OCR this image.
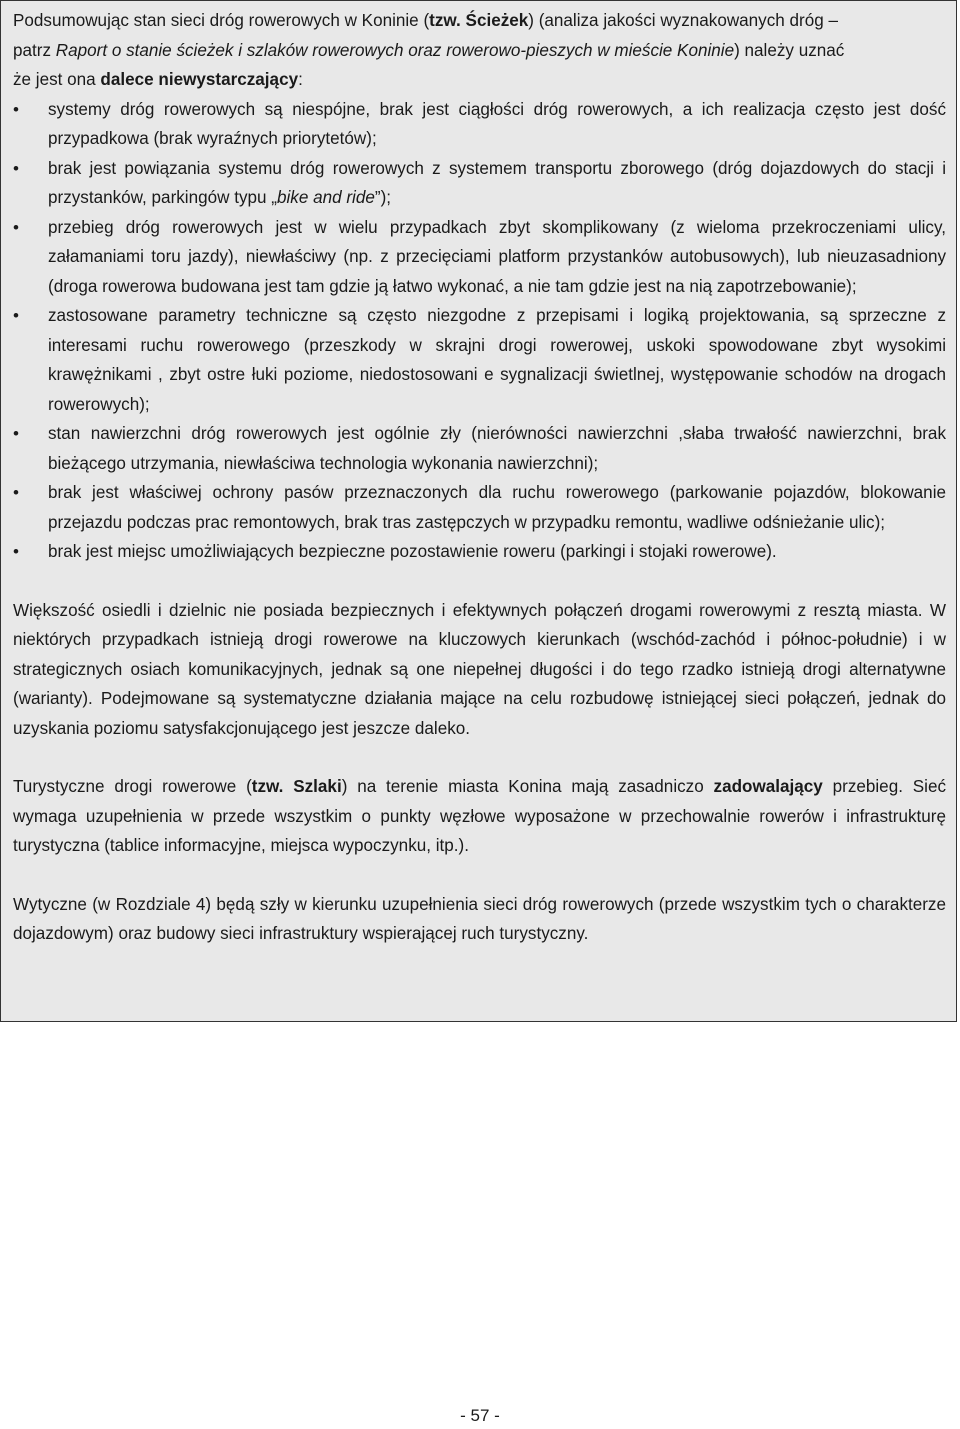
Podsumowując stan sieci dróg rowerowych w Koninie (tzw. Ścieżek) (analiza jakości wyznakowanych dróg –
patrz Raport o stanie ścieżek i szlaków rowerowych oraz rowerowo-pieszych w mieście Koninie) należy uznać
że jest ona dalece niewystarczający:

•	systemy dróg rowerowych są niespójne, brak jest ciągłości dróg rowerowych, a ich realizacja często jest dość przypadkowa (brak wyraźnych priorytetów);
•	brak jest powiązania systemu dróg rowerowych z systemem transportu zborowego (dróg dojazdowych do stacji i przystanków, parkingów typu „bike and ride”);
•	przebieg dróg rowerowych jest w wielu przypadkach zbyt skomplikowany (z wieloma przekroczeniami ulicy, załamaniami toru jazdy), niewłaściwy (np. z przecięciami platform przystanków autobusowych), lub nieuzasadniony (droga rowerowa budowana jest tam gdzie ją łatwo wykonać, a nie tam gdzie jest na nią zapotrzebowanie);
•	zastosowane parametry techniczne są często niezgodne z przepisami i logiką projektowania, są sprzeczne z interesami ruchu rowerowego (przeszkody w skrajni drogi rowerowej, uskoki spowodowane zbyt wysokimi krawężnikami , zbyt ostre łuki poziome, niedostosowani e sygnalizacji świetlnej, występowanie schodów na drogach rowerowych);
•	stan nawierzchni dróg rowerowych jest ogólnie zły (nierówności nawierzchni ,słaba trwałość nawierzchni, brak bieżącego utrzymania, niewłaściwa technologia wykonania nawierzchni);
•	brak jest właściwej ochrony pasów przeznaczonych dla ruchu rowerowego (parkowanie pojazdów, blokowanie przejazdu podczas prac remontowych, brak tras zastępczych w przypadku remontu, wadliwe odśnieżanie ulic);
•	brak jest miejsc umożliwiających bezpieczne pozostawienie roweru (parkingi i stojaki rowerowe).

Większość osiedli i dzielnic nie posiada bezpiecznych i efektywnych połączeń drogami rowerowymi z resztą miasta. W niektórych przypadkach istnieją drogi rowerowe na kluczowych kierunkach (wschód-zachód i północ-południe) i w strategicznych osiach komunikacyjnych, jednak są one niepełnej długości i do tego rzadko istnieją drogi alternatywne (warianty). Podejmowane są systematyczne działania mające na celu rozbudowę istniejącej sieci połączeń, jednak do uzyskania poziomu satysfakcjonującego jest jeszcze daleko.

Turystyczne drogi rowerowe (tzw. Szlaki) na terenie miasta Konina mają zasadniczo zadowalający przebieg. Sieć wymaga uzupełnienia w przede wszystkim o punkty węzłowe wyposażone w przechowalnie rowerów i infrastrukturę turystyczna (tablice informacyjne, miejsca wypoczynku, itp.).

Wytyczne (w Rozdziale 4) będą szły w kierunku uzupełnienia sieci dróg rowerowych (przede wszystkim tych o charakterze dojazdowym) oraz budowy sieci infrastruktury wspierającej ruch turystyczny.

- 57 -
